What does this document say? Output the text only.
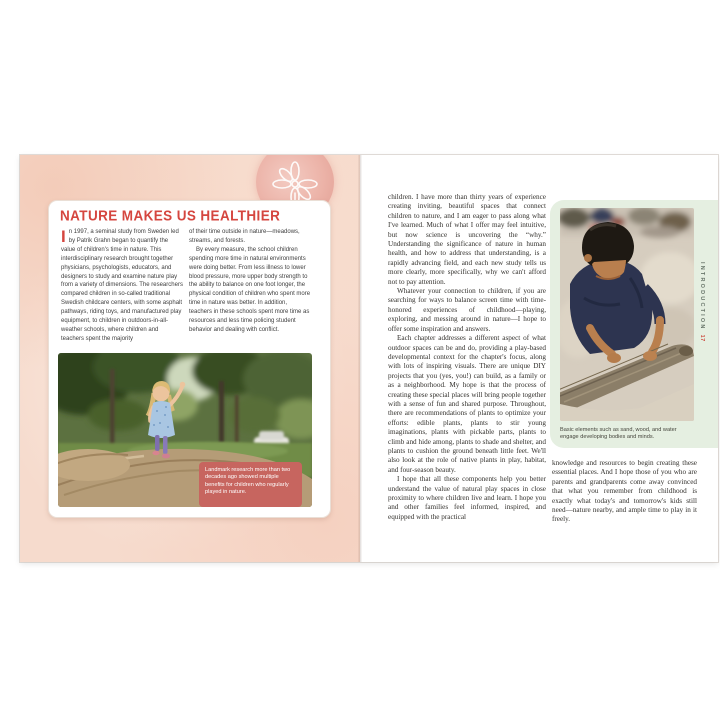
NATURE MAKES US HEALTHIER

In 1997, a seminal study from Sweden led by Patrik Grahn began to quantify the value of children's time in nature. This interdisciplinary research brought together physicians, psychologists, educators, and designers to study and examine nature play from a variety of dimensions. The researchers compared children in so-called traditional Swedish childcare centers, with some asphalt pathways, riding toys, and manufactured play equipment, to children in outdoors-in-all-weather schools, where children and teachers spent the majority

of their time outside in nature—meadows, streams, and forests.

By every measure, the school children spending more time in natural environments were doing better. From less illness to lower blood pressure, more upper body strength to the ability to balance on one foot longer, the physical condition of children who spent more time in nature was better. In addition, teachers in these schools spent more time as resources and less time policing student behavior and dealing with conflict.

Landmark research more than two decades ago showed multiple benefits for children who regularly played in nature.

Basic elements such as sand, wood, and water engage developing bodies and minds.

children. I have more than thirty years of experience creating inviting, beautiful spaces that connect children to nature, and I am eager to pass along what I've learned. Much of what I offer may feel intuitive, but now science is uncovering the “why.” Understanding the significance of nature in human health, and how to address that understanding, is a rapidly advancing field, and each new study tells us more clearly, more specifically, why we can't afford not to pay attention.

Whatever your connection to children, if you are searching for ways to balance screen time with time-honored experiences of childhood—playing, exploring, and messing around in nature—I hope to offer some inspiration and answers.

Each chapter addresses a different aspect of what outdoor spaces can be and do, providing a play-based developmental context for the chapter's focus, along with lots of inspiring visuals. There are unique DIY projects that you (yes, you!) can build, as a family or as a neighborhood. My hope is that the process of creating these special places will bring people together with a sense of fun and shared purpose. Throughout, there are recommendations of plants to optimize your efforts: edible plants, plants to stir young imaginations, plants with pickable parts, plants to climb and hide among, plants to shade and shelter, and plants to cushion the ground beneath little feet. We'll also look at the role of native plants in play, habitat, and four-season beauty.

I hope that all these components help you better understand the value of natural play spaces in close proximity to where children live and learn. I hope you and other families feel informed, inspired, and equipped with the practical

knowledge and resources to begin creating these essential places. And I hope those of you who are parents and grandparents come away convinced that what you remember from childhood is exactly what today's and tomorrow's kids still need—nature nearby, and ample time to play in it freely.

INTRODUCTION17
